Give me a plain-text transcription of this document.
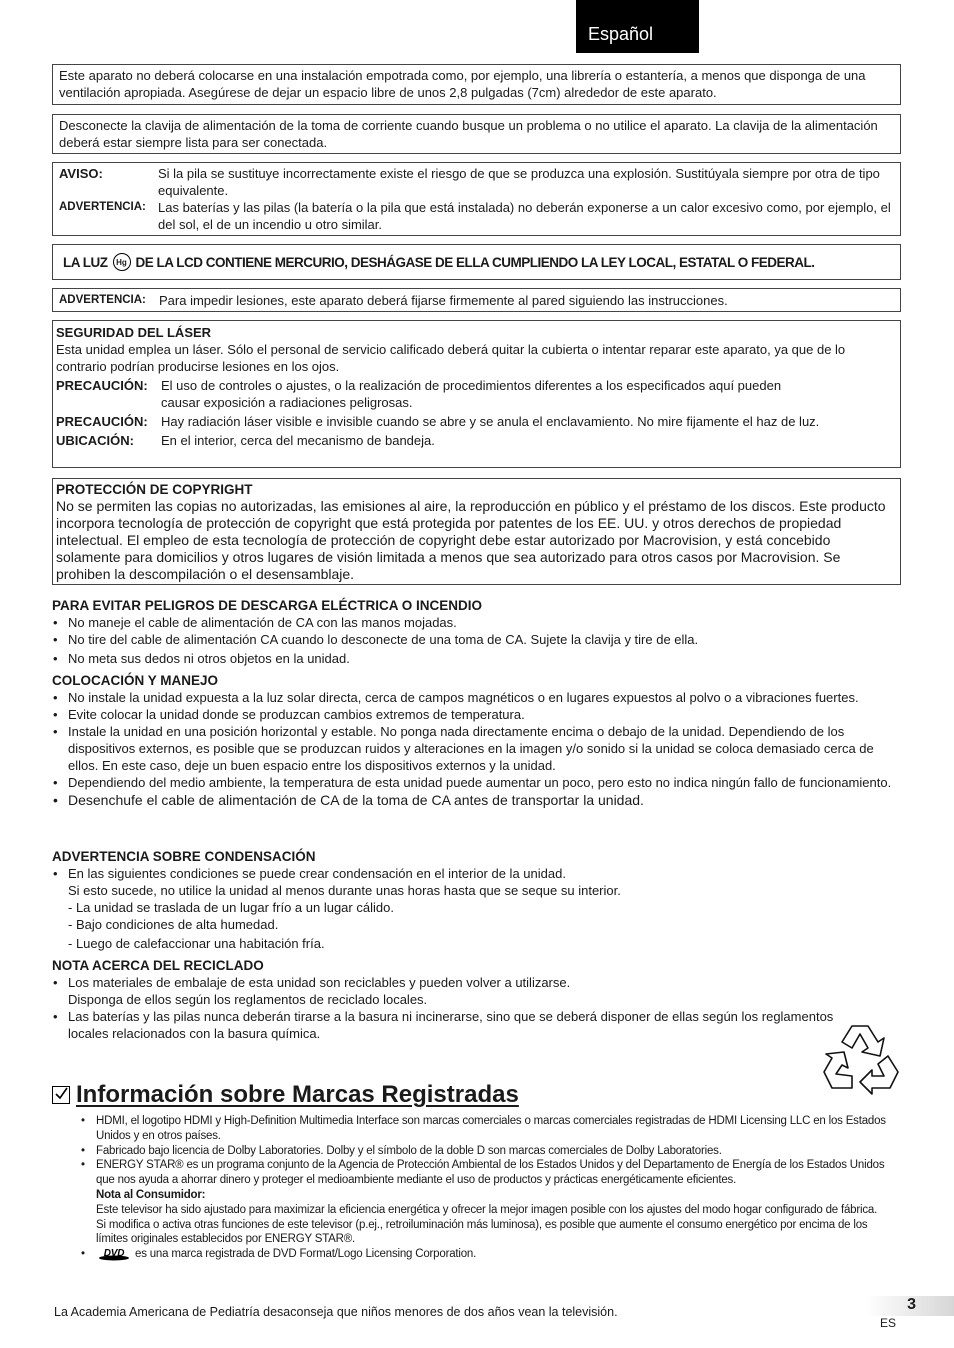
Español

Este aparato no deberá colocarse en una instalación empotrada como, por ejemplo, una librería o estantería, a menos que disponga de una ventilación apropiada. Asegúrese de dejar un espacio libre de unos 2,8 pulgadas (7cm) alrededor de este aparato.

Desconecte la clavija de alimentación de la toma de corriente cuando busque un problema o no utilice el aparato. La clavija de la alimentación deberá estar siempre lista para ser conectada.

AVISO:	Si la pila se sustituye incorrectamente existe el riesgo de que se produzca una explosión. Sustitúyala siempre por otra de tipo equivalente.
ADVERTENCIA: Las baterías y las pilas (la batería o la pila que está instalada) no deberán exponerse a un calor excesivo como, por ejemplo, el del sol, el de un incendio u otro similar.
LA LUZ	Hg DE LA LCD CONTIENE MERCURIO, DESHÁGASE DE ELLA CUMPLIENDO LA LEY LOCAL, ESTATAL O FEDERAL.
ADVERTENCIA:	Para impedir lesiones, este aparato deberá fijarse firmemente al pared siguiendo las instrucciones.

SEGURIDAD DEL LÁSER

Esta unidad emplea un láser. Sólo el personal de servicio calificado deberá quitar la cubierta o intentar reparar este aparato, ya que de lo contrario podrían producirse lesiones en los ojos.

PRECAUCIÓN:	El uso de controles o ajustes, o la realización de procedimientos diferentes a los especificados aquí pueden causar exposición a radiaciones peligrosas.
PRECAUCIÓN:	Hay radiación láser visible e invisible cuando se abre y se anula el enclavamiento. No mire fijamente el haz de luz.
UBICACIÓN:	En el interior, cerca del mecanismo de bandeja.

PROTECCIÓN DE COPYRIGHT

No se permiten las copias no autorizadas, las emisiones al aire, la reproducción en público y el préstamo de los discos. Este producto incorpora tecnología de protección de copyright que está protegida por patentes de los EE. UU. y otros derechos de propiedad intelectual. El empleo de esta tecnología de protección de copyright debe estar autorizado por Macrovision, y está concebido solamente para domicilios y otros lugares de visión limitada a menos que sea autorizado para otros casos por Macrovision. Se prohiben la descompilación o el desensamblaje.

PARA EVITAR PELIGROS DE DESCARGA ELÉCTRICA O INCENDIO

• No maneje el cable de alimentación de CA con las manos mojadas.
• No tire del cable de alimentación CA cuando lo desconecte de una toma de CA. Sujete la clavija y tire de ella.
• No meta sus dedos ni otros objetos en la unidad.

COLOCACIÓN Y MANEJO

• No instale la unidad expuesta a la luz solar directa, cerca de campos magnéticos o en lugares expuestos al polvo o a vibraciones fuertes.
• Evite colocar la unidad donde se produzcan cambios extremos de temperatura.
• Instale la unidad en una posición horizontal y estable. No ponga nada directamente encima o debajo de la unidad. Dependiendo de los dispositivos externos, es posible que se produzcan ruidos y alteraciones en la imagen y/o sonido si la unidad se coloca demasiado cerca de ellos. En este caso, deje un buen espacio entre los dispositivos externos y la unidad.
• Dependiendo del medio ambiente, la temperatura de esta unidad puede aumentar un poco, pero esto no indica ningún fallo de funcionamiento.
• Desenchufe el cable de alimentación de CA de la toma de CA antes de transportar la unidad.

ADVERTENCIA SOBRE CONDENSACIÓN

• En las siguientes condiciones se puede crear condensación en el interior de la unidad.
Si esto sucede, no utilice la unidad al menos durante unas horas hasta que se seque su interior.
- La unidad se traslada de un lugar frío a un lugar cálido.
- Bajo condiciones de alta humedad.
- Luego de calefaccionar una habitación fría.

NOTA ACERCA DEL RECICLADO

• Los materiales de embalaje de esta unidad son reciclables y pueden volver a utilizarse.
Disponga de ellos según los reglamentos de reciclado locales.
• Las baterías y las pilas nunca deberán tirarse a la basura ni incinerarse, sino que se deberá disponer de ellas según los reglamentos locales relacionados con la basura química.
Información sobre Marcas Registradas
• HDMI, el logotipo HDMI y High-Definition Multimedia Interface son marcas comerciales o marcas comerciales registradas de HDMI Licensing LLC en los Estados Unidos y en otros países.
• Fabricado bajo licencia de Dolby Laboratories. Dolby y el símbolo de la doble D son marcas comerciales de Dolby Laboratories.
• ENERGY STAR® es un programa conjunto de la Agencia de Protección Ambiental de los Estados Unidos y del Departamento de Energía de los Estados Unidos que nos ayuda a ahorrar dinero y proteger el medioambiente mediante el uso de productos y prácticas energéticamente eficientes.
Nota al Consumidor:
Este televisor ha sido ajustado para maximizar la eficiencia energética y ofrecer la mejor imagen posible con los ajustes del modo hogar configurado de fábrica.
Si modifica o activa otras funciones de este televisor (p.ej., retroiluminación más luminosa), es posible que aumente el consumo energético por encima de los límites originales establecidos por ENERGY STAR®.
• DVD es una marca registrada de DVD Format/Logo Licensing Corporation.
La Academia Americana de Pediatría desaconseja que niños menores de dos años vean la televisión.	3
ES
